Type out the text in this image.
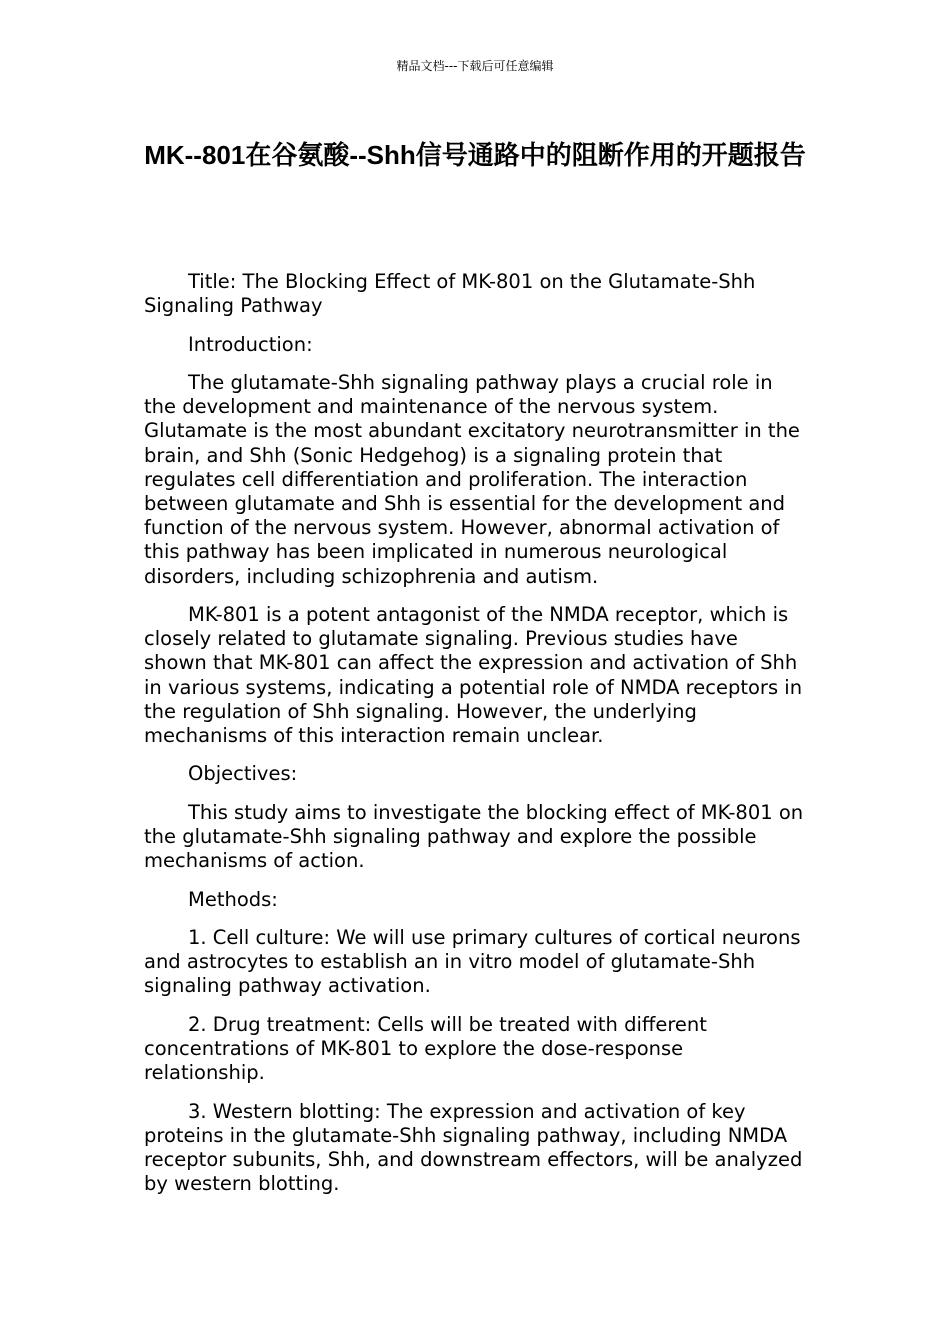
精品文档---下载后可任意编辑
MK--801在谷氨酸--Shh信号通路中的阻断作用的开题报告

Title: The Blocking Effect of MK-801 on the Glutamate-Shh Signaling Pathway

Introduction:

The glutamate-Shh signaling pathway plays a crucial role in the development and maintenance of the nervous system. Glutamate is the most abundant excitatory neurotransmitter in the brain, and Shh (Sonic Hedgehog) is a signaling protein that regulates cell differentiation and proliferation. The interaction between glutamate and Shh is essential for the development and function of the nervous system. However, abnormal activation of this pathway has been implicated in numerous neurological disorders, including schizophrenia and autism.

MK-801 is a potent antagonist of the NMDA receptor, which is closely related to glutamate signaling. Previous studies have shown that MK-801 can affect the expression and activation of Shh in various systems, indicating a potential role of NMDA receptors in the regulation of Shh signaling. However, the underlying mechanisms of this interaction remain unclear.

Objectives:

This study aims to investigate the blocking effect of MK-801 on the glutamate-Shh signaling pathway and explore the possible mechanisms of action.

Methods:

1. Cell culture: We will use primary cultures of cortical neurons and astrocytes to establish an in vitro model of glutamate-Shh signaling pathway activation.

2. Drug treatment: Cells will be treated with different concentrations of MK-801 to explore the dose-response relationship.

3. Western blotting: The expression and activation of key proteins in the glutamate-Shh signaling pathway, including NMDA receptor subunits, Shh, and downstream effectors, will be analyzed by western blotting.
